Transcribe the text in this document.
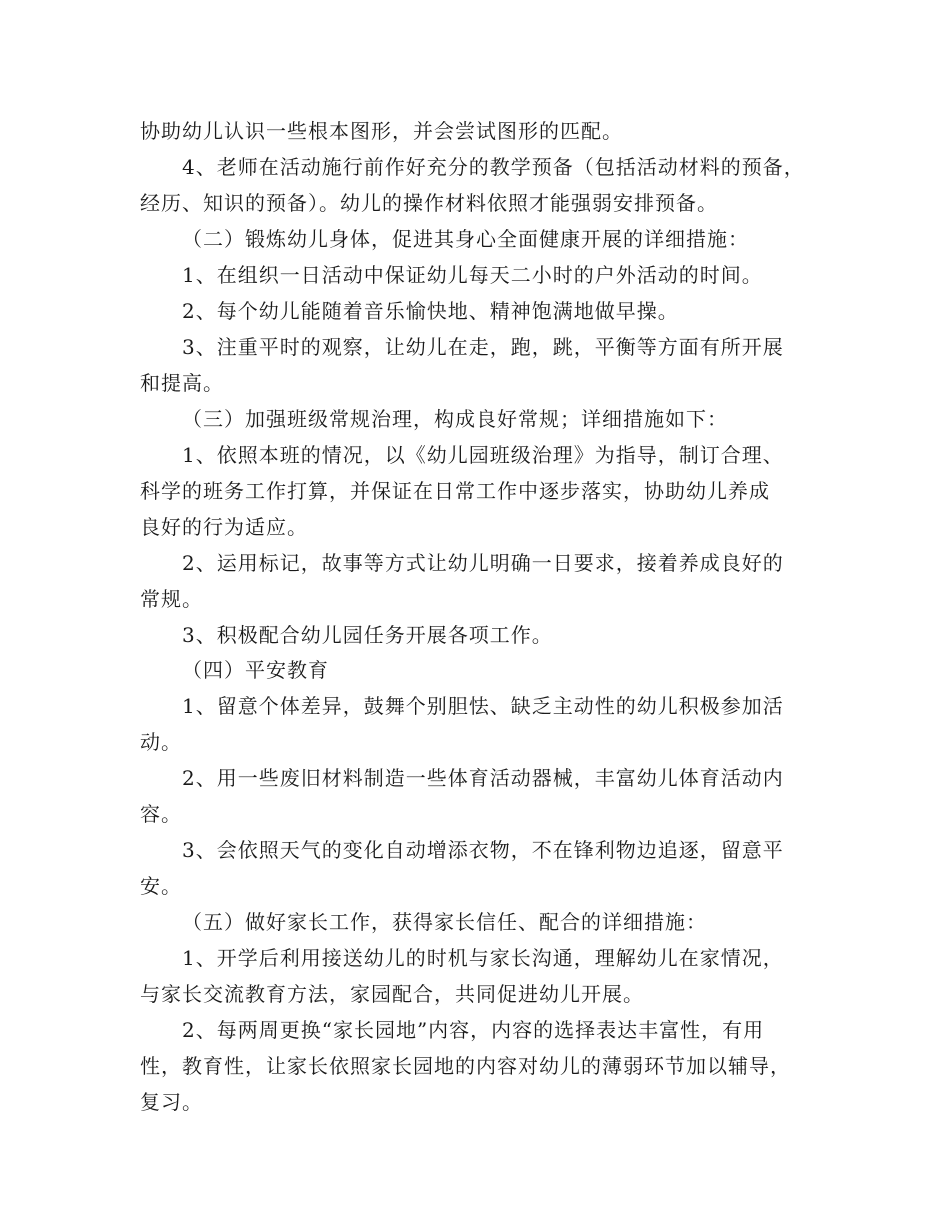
协助幼儿认识一些根本图形，并会尝试图形的匹配。
4、老师在活动施行前作好充分的教学预备（包括活动材料的预备，
经历、知识的预备）。幼儿的操作材料依照才能强弱安排预备。
（二）锻炼幼儿身体，促进其身心全面健康开展的详细措施：
1、在组织一日活动中保证幼儿每天二小时的户外活动的时间。
2、每个幼儿能随着音乐愉快地、精神饱满地做早操。
3、注重平时的观察，让幼儿在走，跑，跳，平衡等方面有所开展
和提高。
（三）加强班级常规治理，构成良好常规；详细措施如下：
1、依照本班的情况，以《幼儿园班级治理》为指导，制订合理、
科学的班务工作打算，并保证在日常工作中逐步落实，协助幼儿养成
良好的行为适应。
2、运用标记，故事等方式让幼儿明确一日要求，接着养成良好的
常规。
3、积极配合幼儿园任务开展各项工作。
（四）平安教育
1、留意个体差异，鼓舞个别胆怯、缺乏主动性的幼儿积极参加活
动。
2、用一些废旧材料制造一些体育活动器械，丰富幼儿体育活动内
容。
3、会依照天气的变化自动增添衣物，不在锋利物边追逐，留意平
安。
（五）做好家长工作，获得家长信任、配合的详细措施：
1、开学后利用接送幼儿的时机与家长沟通，理解幼儿在家情况，
与家长交流教育方法，家园配合，共同促进幼儿开展。
2、每两周更换“家长园地”内容，内容的选择表达丰富性，有用
性，教育性，让家长依照家长园地的内容对幼儿的薄弱环节加以辅导，
复习。
